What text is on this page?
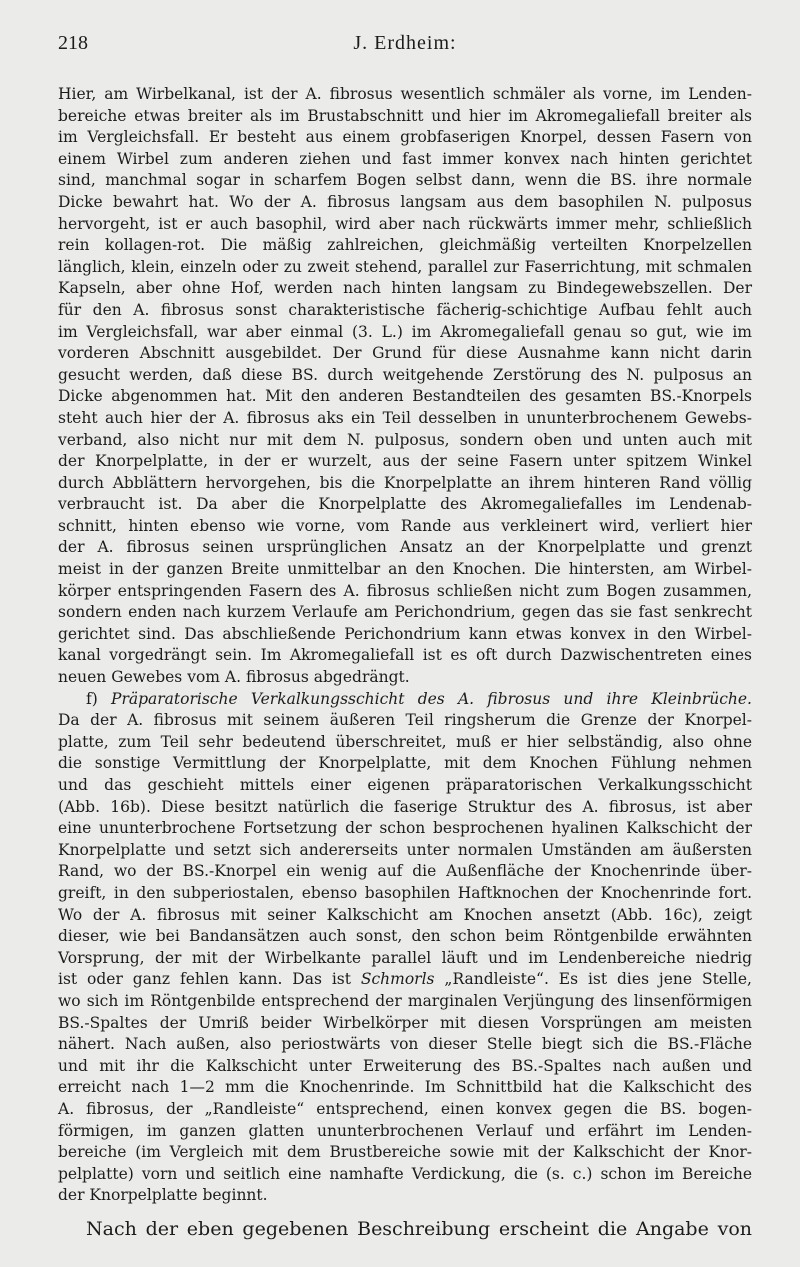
218	J. Erdheim:
Hier, am Wirbelkanal, ist der A. fibrosus wesentlich schmäler als vorne, im Lenden-
bereiche etwas breiter als im Brustabschnitt und hier im Akromegaliefall breiter als
im Vergleichsfall. Er besteht aus einem grobfaserigen Knorpel, dessen Fasern von
einem Wirbel zum anderen ziehen und fast immer konvex nach hinten gerichtet
sind, manchmal sogar in scharfem Bogen selbst dann, wenn die BS. ihre normale
Dicke bewahrt hat. Wo der A. fibrosus langsam aus dem basophilen N. pulposus
hervorgeht, ist er auch basophil, wird aber nach rückwärts immer mehr, schließlich
rein kollagen-rot. Die mäßig zahlreichen, gleichmäßig verteilten Knorpelzellen
länglich, klein, einzeln oder zu zweit stehend, parallel zur Faserrichtung, mit schmalen
Kapseln, aber ohne Hof, werden nach hinten langsam zu Bindegewebszellen. Der
für den A. fibrosus sonst charakteristische fächerig-schichtige Aufbau fehlt auch
im Vergleichsfall, war aber einmal (3. L.) im Akromegaliefall genau so gut, wie im
vorderen Abschnitt ausgebildet. Der Grund für diese Ausnahme kann nicht darin
gesucht werden, daß diese BS. durch weitgehende Zerstörung des N. pulposus an
Dicke abgenommen hat. Mit den anderen Bestandteilen des gesamten BS.-Knorpels
steht auch hier der A. fibrosus aks ein Teil desselben in ununterbrochenem Gewebs-
verband, also nicht nur mit dem N. pulposus, sondern oben und unten auch mit
der Knorpelplatte, in der er wurzelt, aus der seine Fasern unter spitzem Winkel
durch Abblättern hervorgehen, bis die Knorpelplatte an ihrem hinteren Rand völlig
verbraucht ist. Da aber die Knorpelplatte des Akromegaliefalles im Lendenab-
schnitt, hinten ebenso wie vorne, vom Rande aus verkleinert wird, verliert hier
der A. fibrosus seinen ursprünglichen Ansatz an der Knorpelplatte und grenzt
meist in der ganzen Breite unmittelbar an den Knochen. Die hintersten, am Wirbel-
körper entspringenden Fasern des A. fibrosus schließen nicht zum Bogen zusammen,
sondern enden nach kurzem Verlaufe am Perichondrium, gegen das sie fast senkrecht
gerichtet sind. Das abschließende Perichondrium kann etwas konvex in den Wirbel-
kanal vorgedrängt sein. Im Akromegaliefall ist es oft durch Dazwischentreten eines
neuen Gewebes vom A. fibrosus abgedrängt.
f) Präparatorische Verkalkungsschicht des A. fibrosus und ihre Kleinbrüche.
Da der A. fibrosus mit seinem äußeren Teil ringsherum die Grenze der Knorpel-
platte, zum Teil sehr bedeutend überschreitet, muß er hier selbständig, also ohne
die sonstige Vermittlung der Knorpelplatte, mit dem Knochen Fühlung nehmen
und das geschieht mittels einer eigenen präparatorischen Verkalkungsschicht
(Abb. 16b). Diese besitzt natürlich die faserige Struktur des A. fibrosus, ist aber
eine ununterbrochene Fortsetzung der schon besprochenen hyalinen Kalkschicht der
Knorpelplatte und setzt sich andererseits unter normalen Umständen am äußersten
Rand, wo der BS.-Knorpel ein wenig auf die Außenfläche der Knochenrinde über-
greift, in den subperiostalen, ebenso basophilen Haftknochen der Knochenrinde fort.
Wo der A. fibrosus mit seiner Kalkschicht am Knochen ansetzt (Abb. 16c), zeigt
dieser, wie bei Bandansätzen auch sonst, den schon beim Röntgenbilde erwähnten
Vorsprung, der mit der Wirbelkante parallel läuft und im Lendenbereiche niedrig
ist oder ganz fehlen kann. Das ist Schmorls „Randleiste“. Es ist dies jene Stelle,
wo sich im Röntgenbilde entsprechend der marginalen Verjüngung des linsenförmigen
BS.-Spaltes der Umriß beider Wirbelkörper mit diesen Vorsprüngen am meisten
nähert. Nach außen, also periostwärts von dieser Stelle biegt sich die BS.-Fläche
und mit ihr die Kalkschicht unter Erweiterung des BS.-Spaltes nach außen und
erreicht nach 1—2 mm die Knochenrinde. Im Schnittbild hat die Kalkschicht des
A. fibrosus, der „Randleiste“ entsprechend, einen konvex gegen die BS. bogen-
förmigen, im ganzen glatten ununterbrochenen Verlauf und erfährt im Lenden-
bereiche (im Vergleich mit dem Brustbereiche sowie mit der Kalkschicht der Knor-
pelplatte) vorn und seitlich eine namhafte Verdickung, die (s. c.) schon im Bereiche
der Knorpelplatte beginnt.
Nach der eben gegebenen Beschreibung erscheint die Angabe von
